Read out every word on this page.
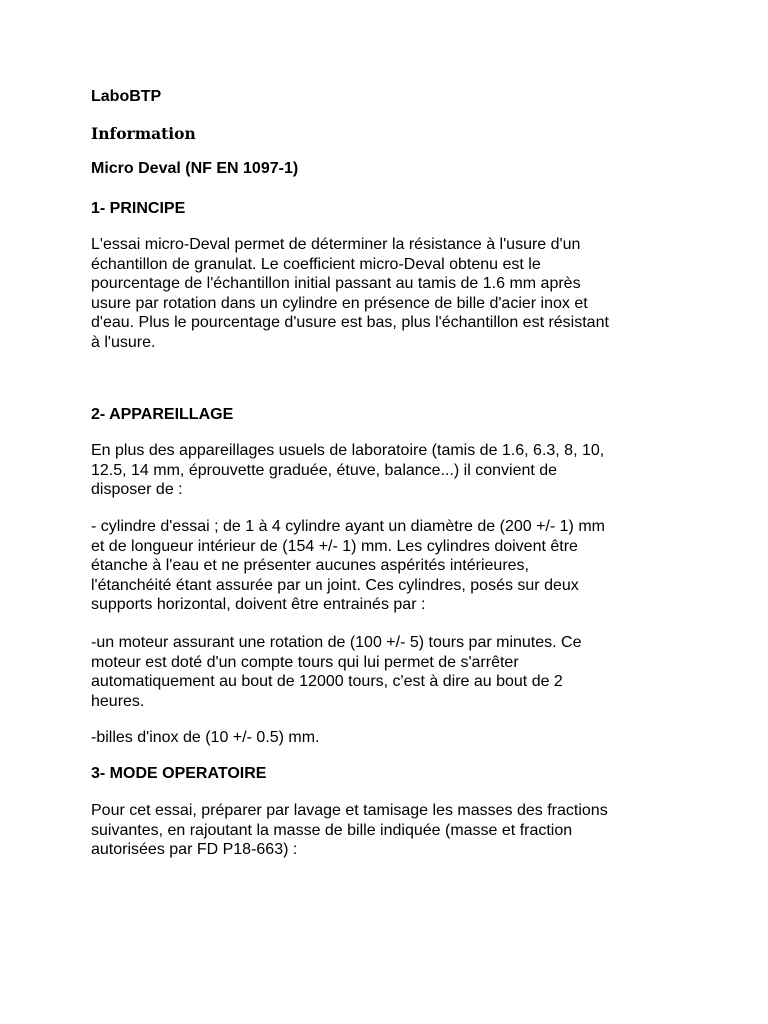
LaboBTP
Information
Micro Deval (NF EN 1097-1)
1- PRINCIPE
L'essai micro-Deval permet de déterminer la résistance à l'usure d'un
échantillon de granulat. Le coefficient micro-Deval obtenu est le
pourcentage de l'échantillon initial passant au tamis de 1.6 mm après
usure par rotation dans un cylindre en présence de bille d'acier inox et
d'eau. Plus le pourcentage d'usure est bas, plus l'échantillon est résistant
à l'usure.
2- APPAREILLAGE
En plus des appareillages usuels de laboratoire (tamis de 1.6, 6.3, 8, 10,
12.5, 14 mm, éprouvette graduée, étuve, balance...) il convient de
disposer de :
- cylindre d'essai ; de 1 à 4 cylindre ayant un diamètre de (200 +/- 1) mm
et de longueur intérieur de (154 +/- 1) mm. Les cylindres doivent être
étanche à l'eau et ne présenter aucunes aspérités intérieures,
l'étanchéité étant assurée par un joint. Ces cylindres, posés sur deux
supports horizontal, doivent être entrainés par :
-un moteur assurant une rotation de (100 +/- 5) tours par minutes. Ce
moteur est doté d'un compte tours qui lui permet de s'arrêter
automatiquement au bout de 12000 tours, c'est à dire au bout de 2
heures.
-billes d'inox de (10 +/- 0.5) mm.
3- MODE OPERATOIRE
Pour cet essai, préparer par lavage et tamisage les masses des fractions
suivantes, en rajoutant la masse de bille indiquée (masse et fraction
autorisées par FD P18-663) :
